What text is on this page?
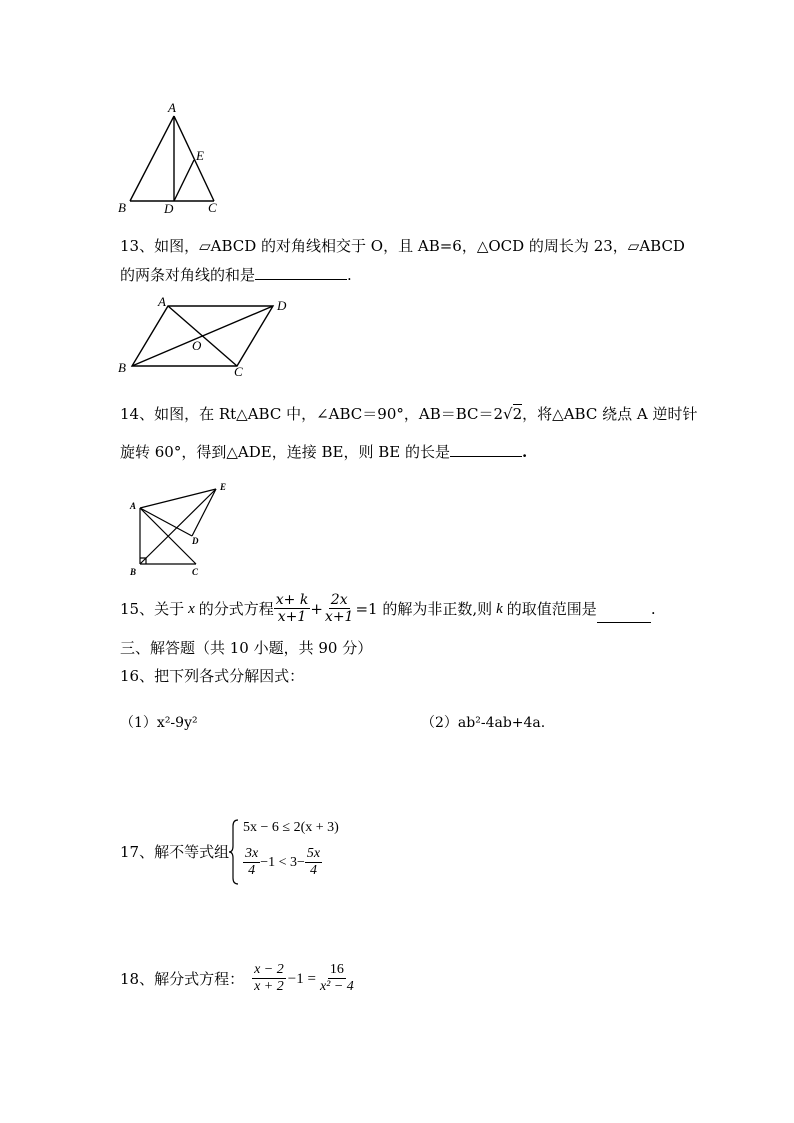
A
E
B	D	C
13、如图，▱ABCD 的对角线相交于 O，且 AB=6，△OCD 的周长为 23，▱ABCD
的两条对角线的和是	.
A	D
O
B	C
14、如图，在 Rt△ABC 中，∠ABC＝90°，AB＝BC＝2√2，将△ABC 绕点 A 逆时针
旋转 60°，得到△ADE，连接 BE，则 BE 的长是	.
A
E
D
B	C
15、关于 x 的分式方程 $\frac{x+ k}{x+1} + \frac{2x}{x+1} =1$ 的解为非正数,则 k 的取值范围是	.
三、解答题（共 10 小题，共 90 分）
16、把下列各式分解因式：
（1）x²-9y²	（2）ab²-4ab+4a.
17、解不等式组
5x − 6 ≤ 2(x + 3)
$\frac{3x}{4} -1 < 3- \frac{5x}{4}$
18、解分式方程： $\frac{x - 2}{x + 2} -1 = \frac{16}{\text{x² − 4}}$
